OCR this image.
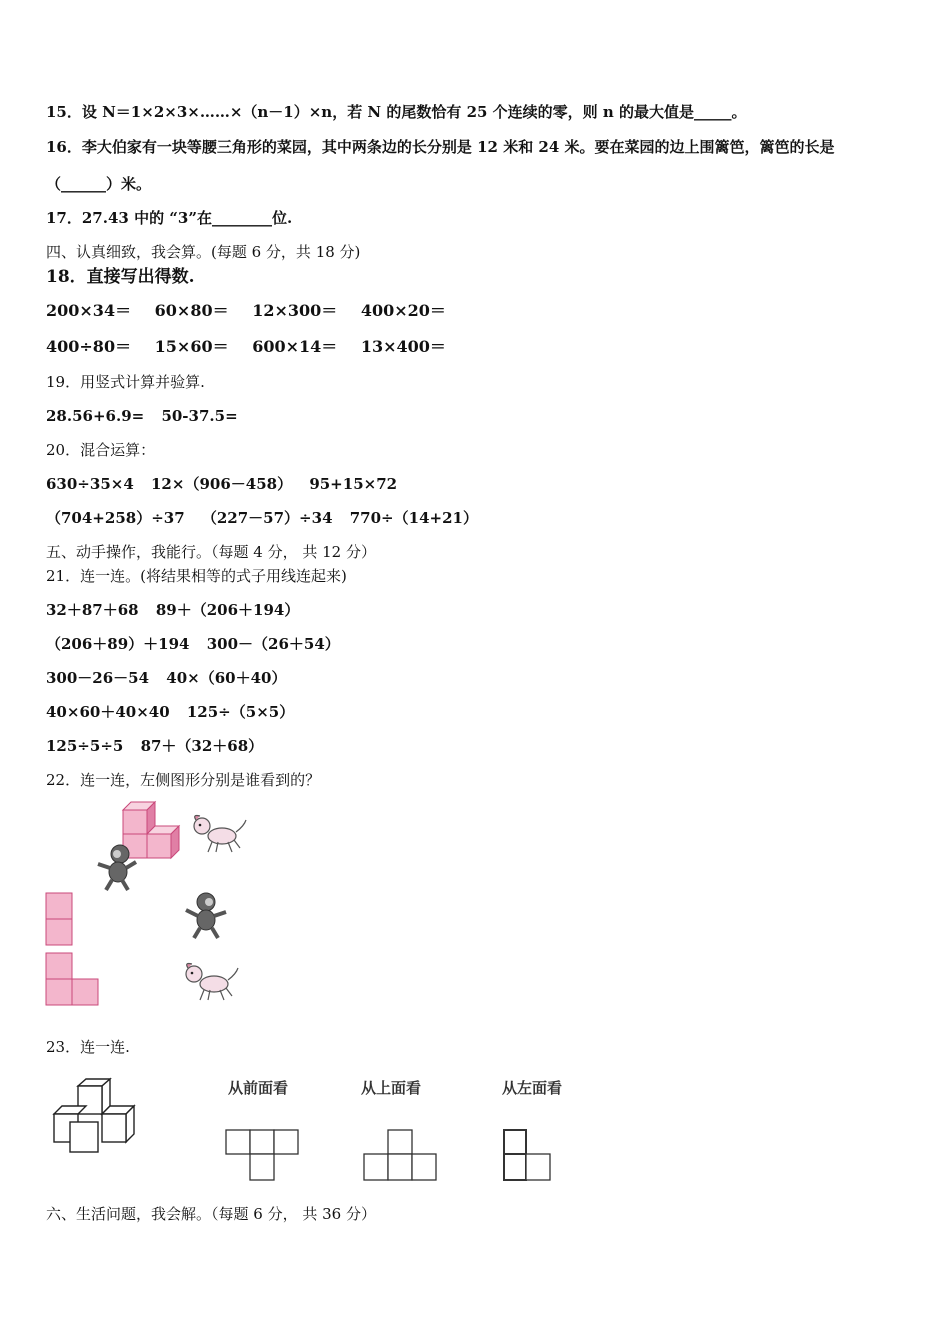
15．设 N＝1×2×3×……×（n－1）×n，若 N 的尾数恰有 25 个连续的零，则 n 的最大值是_____。
16．李大伯家有一块等腰三角形的菜园，其中两条边的长分别是 12 米和 24 米。要在菜园的边上围篱笆，篱笆的长是
（______）米。
17．27.43 中的 “3”在________位.
四、认真细致，我会算。(每题 6 分，共 18 分)
18．直接写出得数.
200×34＝ 60×80＝ 12×300＝ 400×20＝
400÷80＝ 15×60＝ 600×14＝ 13×400＝
19．用竖式计算并验算.
28.56+6.9= 50-37.5=
20．混合运算：
630÷35×4 12×（906－458） 95+15×72
（704+258）÷37 （227－57）÷34 770÷（14+21）
五、动手操作，我能行。（每题 4 分， 共 12 分）
21．连一连。(将结果相等的式子用线连起来)
32＋87＋68 89＋（206＋194）
（206＋89）＋194 300－（26＋54）
300－26－54 40×（60＋40）
40×60＋40×40 125÷（5×5）
125÷5÷5 87＋（32＋68）
22．连一连，左侧图形分别是谁看到的？
23．连一连.
从前面看	从上面看	从左面看
六、生活问题，我会解。（每题 6 分， 共 36 分）
